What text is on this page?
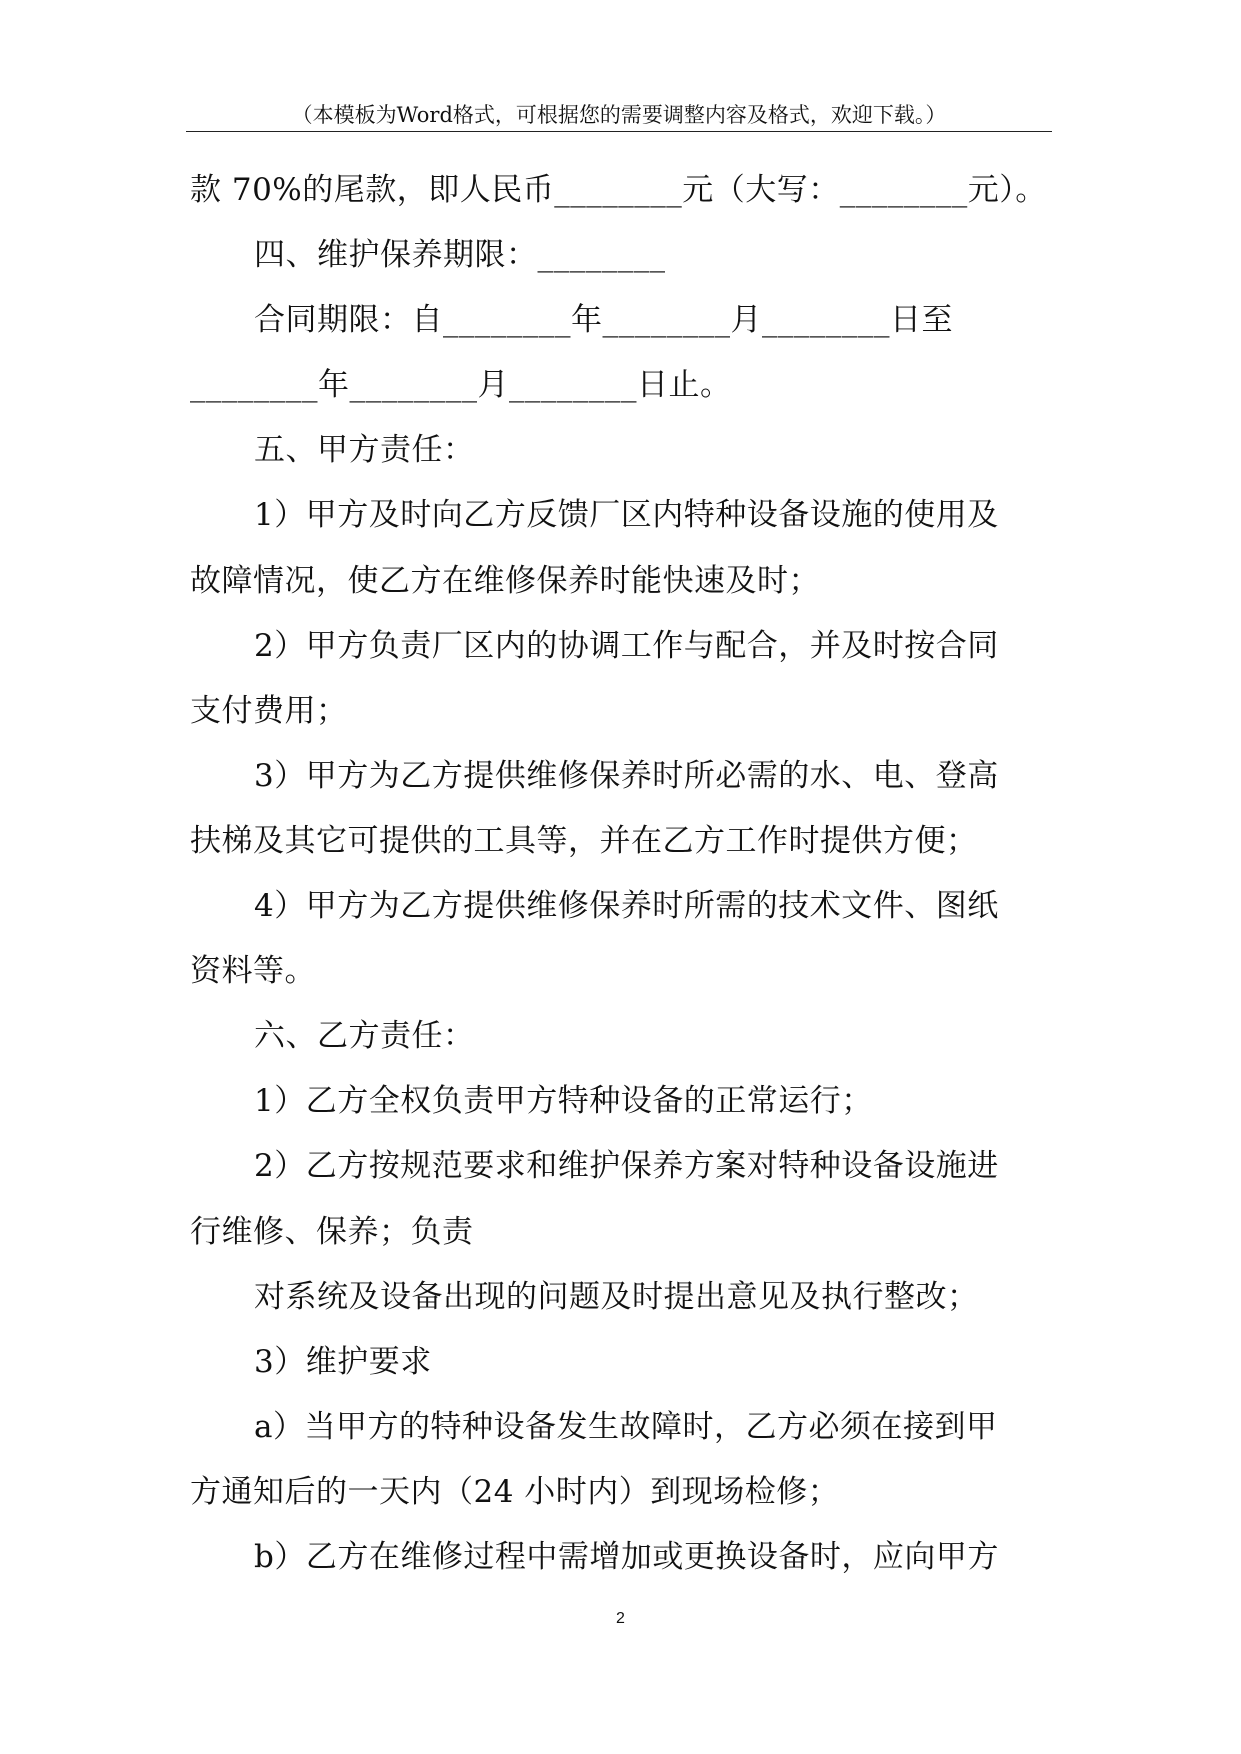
（本模板为Word格式，可根据您的需要调整内容及格式，欢迎下载。）
款 70%的尾款，即人民币________元（大写：________元）。
四、维护保养期限：________
合同期限：自________年________月________日至
________年________月________日止。
五、甲方责任：
1）甲方及时向乙方反馈厂区内特种设备设施的使用及
故障情况，使乙方在维修保养时能快速及时；
2）甲方负责厂区内的协调工作与配合，并及时按合同
支付费用；
3）甲方为乙方提供维修保养时所必需的水、电、登高
扶梯及其它可提供的工具等，并在乙方工作时提供方便；
4）甲方为乙方提供维修保养时所需的技术文件、图纸
资料等。
六、乙方责任：
1）乙方全权负责甲方特种设备的正常运行；
2）乙方按规范要求和维护保养方案对特种设备设施进
行维修、保养；负责
对系统及设备出现的问题及时提出意见及执行整改；
3）维护要求
a）当甲方的特种设备发生故障时，乙方必须在接到甲
方通知后的一天内（24 小时内）到现场检修；
b）乙方在维修过程中需增加或更换设备时，应向甲方
2
